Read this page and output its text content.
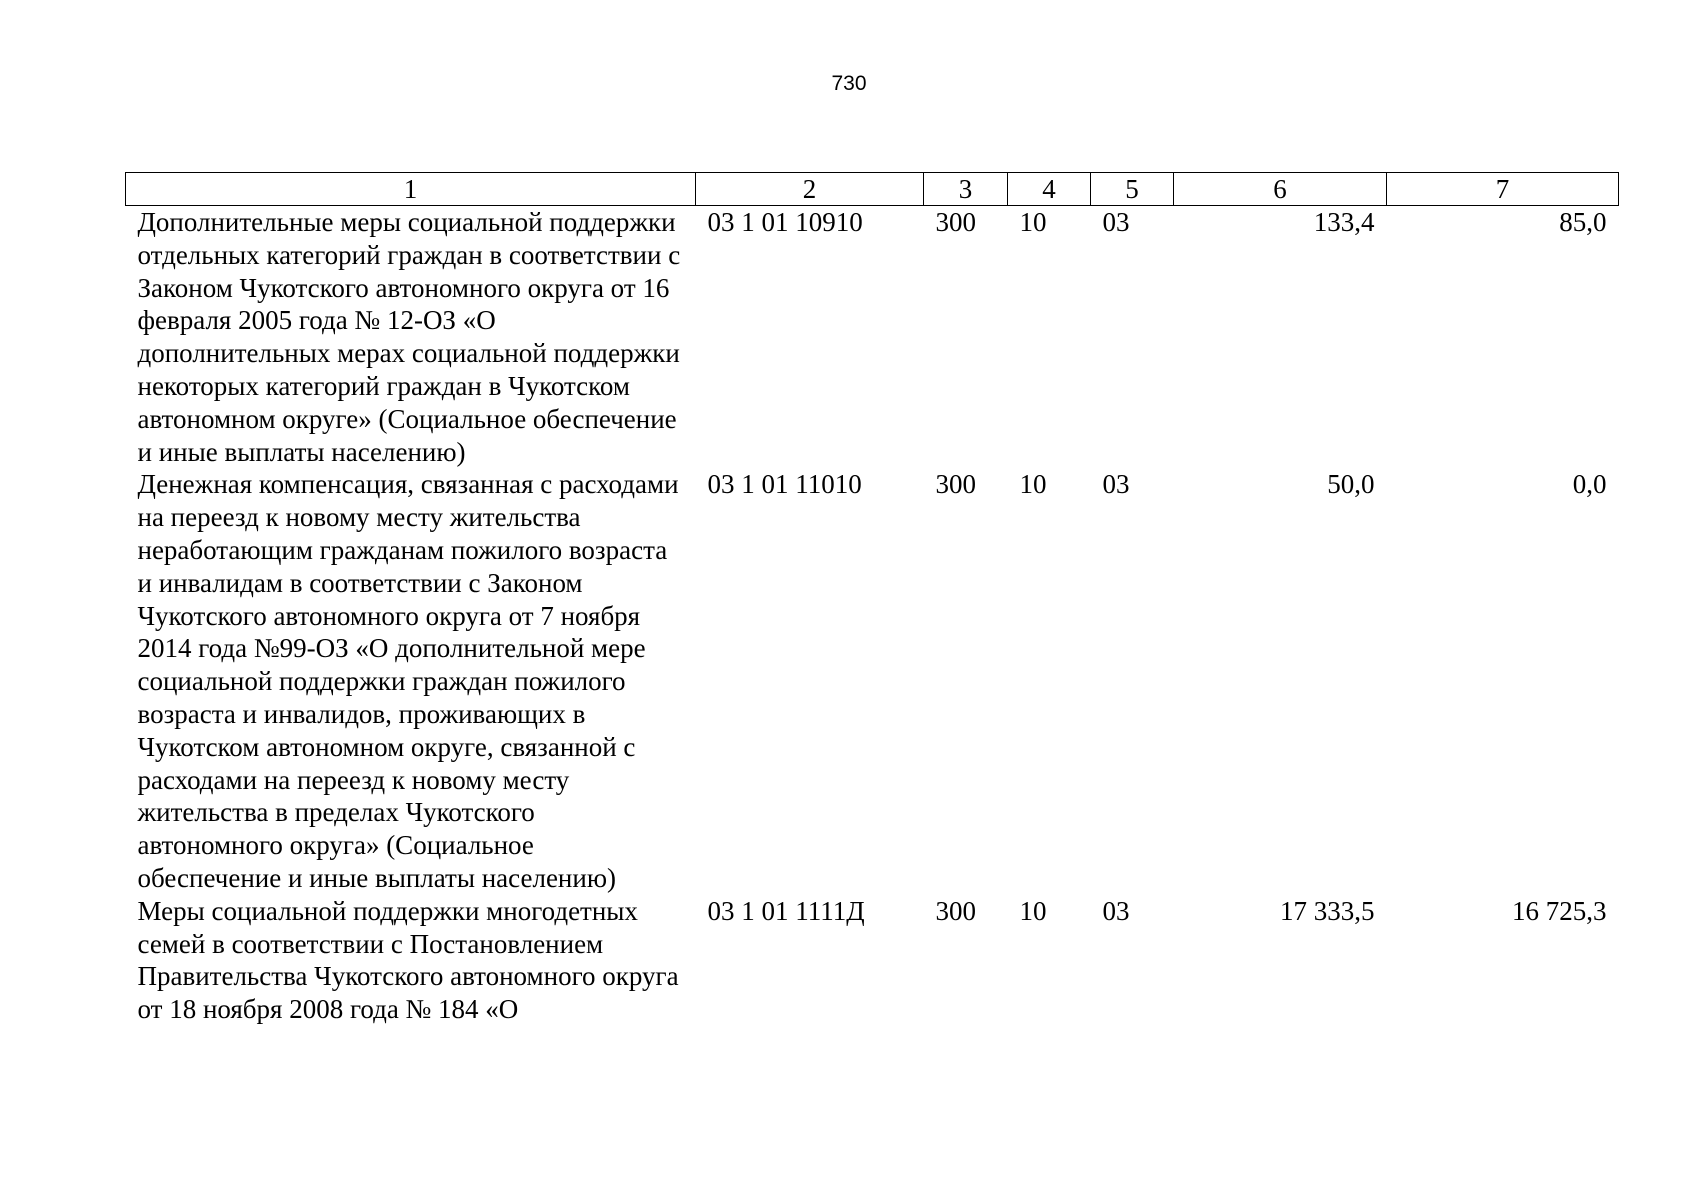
730
1	2	3	4	5	6	7
Дополнительные меры социальной поддержки отдельных категорий граждан в соответствии с Законом Чукотского автономного округа от 16 февраля 2005 года № 12-ОЗ «О дополнительных мерах социальной поддержки некоторых категорий граждан в Чукотском автономном округе» (Социальное обеспечение и иные выплаты населению)	03 1 01 10910	300	10	03	133,4	85,0
Денежная компенсация, связанная с расходами на переезд к новому месту жительства неработающим гражданам пожилого возраста и инвалидам в соответствии с Законом Чукотского автономного округа от 7 ноября 2014 года №99-ОЗ «О дополнительной мере социальной поддержки граждан пожилого возраста и инвалидов, проживающих в Чукотском автономном округе, связанной с расходами на переезд к новому месту жительства в пределах Чукотского автономного округа» (Социальное обеспечение и иные выплаты населению)	03 1 01 11010	300	10	03	50,0	0,0
Меры социальной поддержки многодетных семей в соответствии с Постановлением Правительства Чукотского автономного округа от 18 ноября 2008 года № 184 «О	03 1 01 1111Д	300	10	03	17 333,5	16 725,3
